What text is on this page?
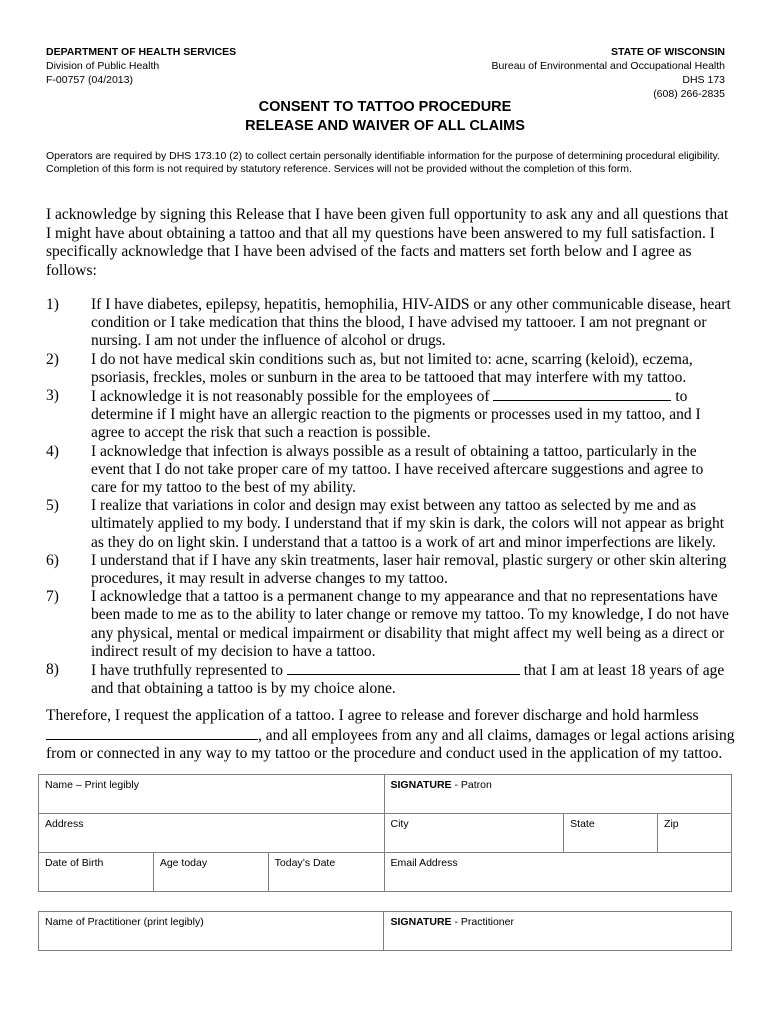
DEPARTMENT OF HEALTH SERVICES
Division of Public Health
F-00757 (04/2013)
STATE OF WISCONSIN
Bureau of Environmental and Occupational Health
DHS 173
(608) 266-2835
CONSENT TO TATTOO PROCEDURE
RELEASE AND WAIVER OF ALL CLAIMS
Operators are required by DHS 173.10 (2) to collect certain personally identifiable information for the purpose of determining procedural eligibility. Completion of this form is not required by statutory reference. Services will not be provided without the completion of this form.
I acknowledge by signing this Release that I have been given full opportunity to ask any and all questions that I might have about obtaining a tattoo and that all my questions have been answered to my full satisfaction. I specifically acknowledge that I have been advised of the facts and matters set forth below and I agree as follows:
1)	If I have diabetes, epilepsy, hepatitis, hemophilia, HIV-AIDS or any other communicable disease, heart condition or I take medication that thins the blood, I have advised my tattooer. I am not pregnant or nursing. I am not under the influence of alcohol or drugs.
2)	I do not have medical skin conditions such as, but not limited to: acne, scarring (keloid), eczema, psoriasis, freckles, moles or sunburn in the area to be tattooed that may interfere with my tattoo.
3)	I acknowledge it is not reasonably possible for the employees of	to determine if I might have an allergic reaction to the pigments or processes used in my tattoo, and I agree to accept the risk that such a reaction is possible.
4)	I acknowledge that infection is always possible as a result of obtaining a tattoo, particularly in the event that I do not take proper care of my tattoo. I have received aftercare suggestions and agree to care for my tattoo to the best of my ability.
5)	I realize that variations in color and design may exist between any tattoo as selected by me and as ultimately applied to my body. I understand that if my skin is dark, the colors will not appear as bright as they do on light skin. I understand that a tattoo is a work of art and minor imperfections are likely.
6)	I understand that if I have any skin treatments, laser hair removal, plastic surgery or other skin altering procedures, it may result in adverse changes to my tattoo.
7)	I acknowledge that a tattoo is a permanent change to my appearance and that no representations have been made to me as to the ability to later change or remove my tattoo. To my knowledge, I do not have any physical, mental or medical impairment or disability that might affect my well being as a direct or indirect result of my decision to have a tattoo.
8)	I have truthfully represented to	that I am at least 18 years of age and that obtaining a tattoo is by my choice alone.
Therefore, I request the application of a tattoo. I agree to release and forever discharge and hold harmless
, and all employees from any and all claims, damages or legal actions arising from or connected in any way to my tattoo or the procedure and conduct used in the application of my tattoo.
Name – Print legibly			SIGNATURE - Patron		
Address			City	State	Zip
Date of Birth	Age today	Today’s Date	Email Address		
Name of Practitioner (print legibly)	SIGNATURE - Practitioner
